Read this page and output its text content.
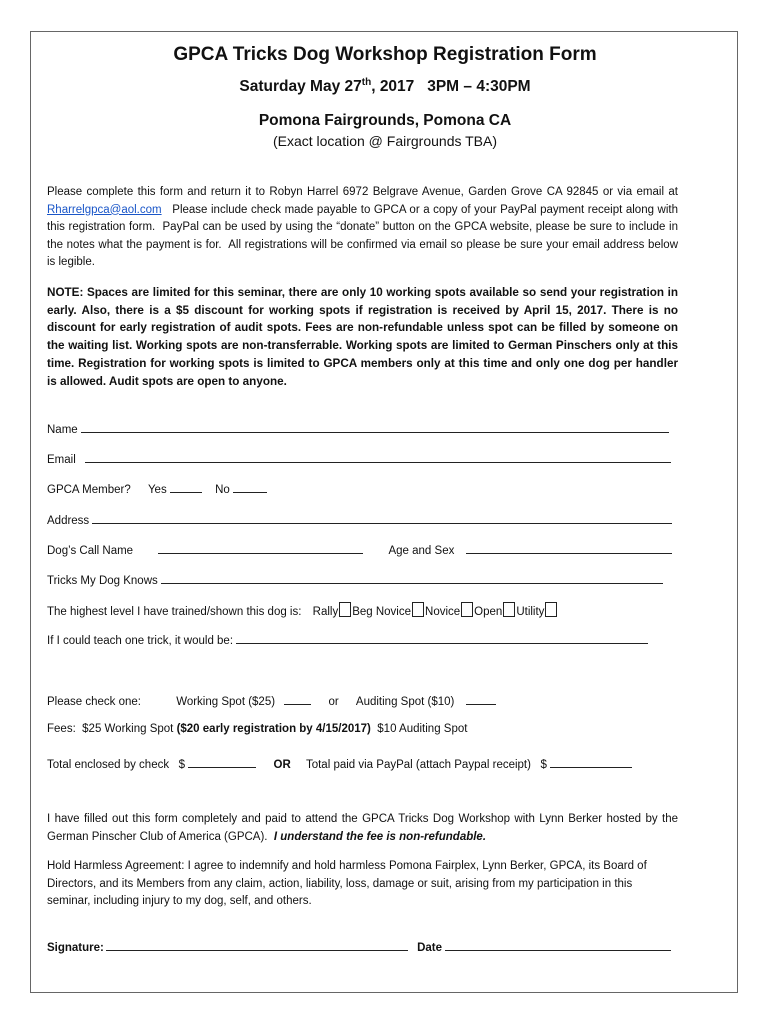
GPCA Tricks Dog Workshop Registration Form
Saturday May 27th, 2017   3PM – 4:30PM
Pomona Fairgrounds, Pomona CA
(Exact location @ Fairgrounds TBA)
Please complete this form and return it to Robyn Harrel 6972 Belgrave Avenue, Garden Grove CA 92845 or via email at Rharrelgpca@aol.com   Please include check made payable to GPCA or a copy of your PayPal payment receipt along with this registration form.  PayPal can be used by using the “donate” button on the GPCA website, please be sure to include in the notes what the payment is for.  All registrations will be confirmed via email so please be sure your email address below is legible.
NOTE: Spaces are limited for this seminar, there are only 10 working spots available so send your registration in early. Also, there is a $5 discount for working spots if registration is received by April 15, 2017. There is no discount for early registration of audit spots. Fees are non-refundable unless spot can be filled by someone on the waiting list. Working spots are non-transferrable. Working spots are limited to German Pinschers only at this time. Registration for working spots is limited to GPCA members only at this time and only one dog per handler is allowed. Audit spots are open to anyone.
Name
Email
GPCA Member? Yes	No
Address
Dog’s Call Name	Age and Sex
Tricks My Dog Knows
The highest level I have trained/shown this dog is: Rally Beg Novice Novice Open Utility
If I could teach one trick, it would be:
Please check one:	Working Spot ($25)	or Auditing Spot ($10)
Fees:  $25 Working Spot ($20 early registration by 4/15/2017)  $10 Auditing Spot
Total enclosed by check   $	OR Total paid via PayPal (attach Paypal receipt)   $
I have filled out this form completely and paid to attend the GPCA Tricks Dog Workshop with Lynn Berker hosted by the German Pinscher Club of America (GPCA).  I understand the fee is non-refundable.
Hold Harmless Agreement: I agree to indemnify and hold harmless Pomona Fairplex, Lynn Berker, GPCA, its Board of Directors, and its Members from any claim, action, liability, loss, damage or suit, arising from my participation in this seminar, including injury to my dog, self, and others.
Signature:	Date
